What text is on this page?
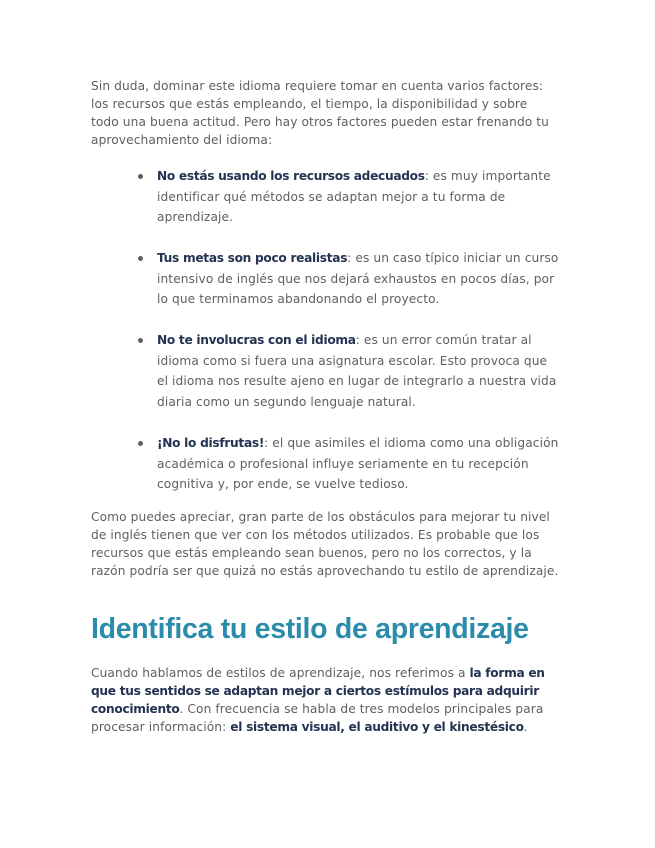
Sin duda, dominar este idioma requiere tomar en cuenta varios factores: los recursos que estás empleando, el tiempo, la disponibilidad y sobre todo una buena actitud. Pero hay otros factores pueden estar frenando tu aprovechamiento del idioma:

No estás usando los recursos adecuados: es muy importante identificar qué métodos se adaptan mejor a tu forma de aprendizaje.
Tus metas son poco realistas: es un caso típico iniciar un curso intensivo de inglés que nos dejará exhaustos en pocos días, por lo que terminamos abandonando el proyecto.
No te involucras con el idioma: es un error común tratar al idioma como si fuera una asignatura escolar. Esto provoca que el idioma nos resulte ajeno en lugar de integrarlo a nuestra vida diaria como un segundo lenguaje natural.
¡No lo disfrutas!: el que asimiles el idioma como una obligación académica o profesional influye seriamente en tu recepción cognitiva y, por ende, se vuelve tedioso.

Como puedes apreciar, gran parte de los obstáculos para mejorar tu nivel de inglés tienen que ver con los métodos utilizados. Es probable que los recursos que estás empleando sean buenos, pero no los correctos, y la razón podría ser que quizá no estás aprovechando tu estilo de aprendizaje.

Identifica tu estilo de aprendizaje

Cuando hablamos de estilos de aprendizaje, nos referimos a la forma en que tus sentidos se adaptan mejor a ciertos estímulos para adquirir conocimiento. Con frecuencia se habla de tres modelos principales para procesar información: el sistema visual, el auditivo y el kinestésico.
